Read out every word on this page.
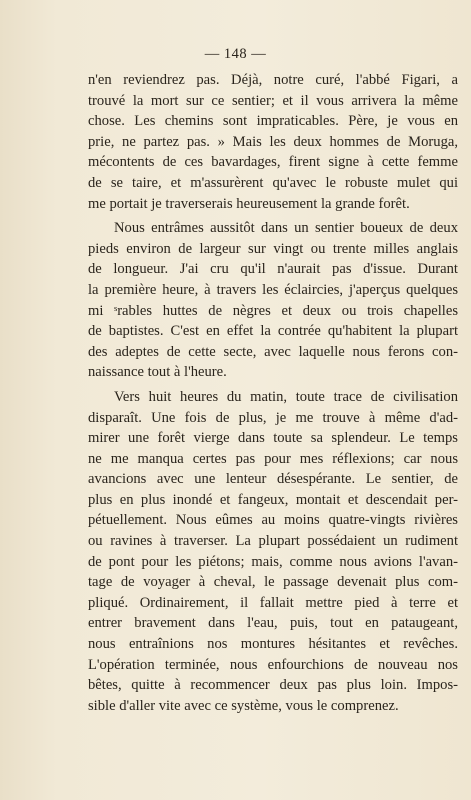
— 148 —
n'en reviendrez pas. Déjà, notre curé, l'abbé Figari, a
trouvé la mort sur ce sentier; et il vous arrivera la même
chose. Les chemins sont impraticables. Père, je vous en
prie, ne partez pas. » Mais les deux hommes de Moruga,
mécontents de ces bavardages, firent signe à cette femme
de se taire, et m'assurèrent qu'avec le robuste mulet qui
me portait je traverserais heureusement la grande forêt.
Nous entrâmes aussitôt dans un sentier boueux de deux
pieds environ de largeur sur vingt ou trente milles anglais
de longueur. J'ai cru qu'il n'aurait pas d'issue. Durant
la première heure, à travers les éclaircies, j'aperçus quelques
mi ˢrables huttes de nègres et deux ou trois chapelles
de baptistes. C'est en effet la contrée qu'habitent la plupart
des adeptes de cette secte, avec laquelle nous ferons con-
naissance tout à l'heure.
Vers huit heures du matin, toute trace de civilisation
disparaît. Une fois de plus, je me trouve à même d'ad-
mirer une forêt vierge dans toute sa splendeur. Le temps
ne me manqua certes pas pour mes réflexions; car nous
avancions avec une lenteur désespérante. Le sentier, de
plus en plus inondé et fangeux, montait et descendait per-
pétuellement. Nous eûmes au moins quatre-vingts rivières
ou ravines à traverser. La plupart possédaient un rudiment
de pont pour les piétons; mais, comme nous avions l'avan-
tage de voyager à cheval, le passage devenait plus com-
pliqué. Ordinairement, il fallait mettre pied à terre et
entrer bravement dans l'eau, puis, tout en pataugeant,
nous entraînions nos montures hésitantes et revêches.
L'opération terminée, nous enfourchions de nouveau nos
bêtes, quitte à recommencer deux pas plus loin. Impos-
sible d'aller vite avec ce système, vous le comprenez.
